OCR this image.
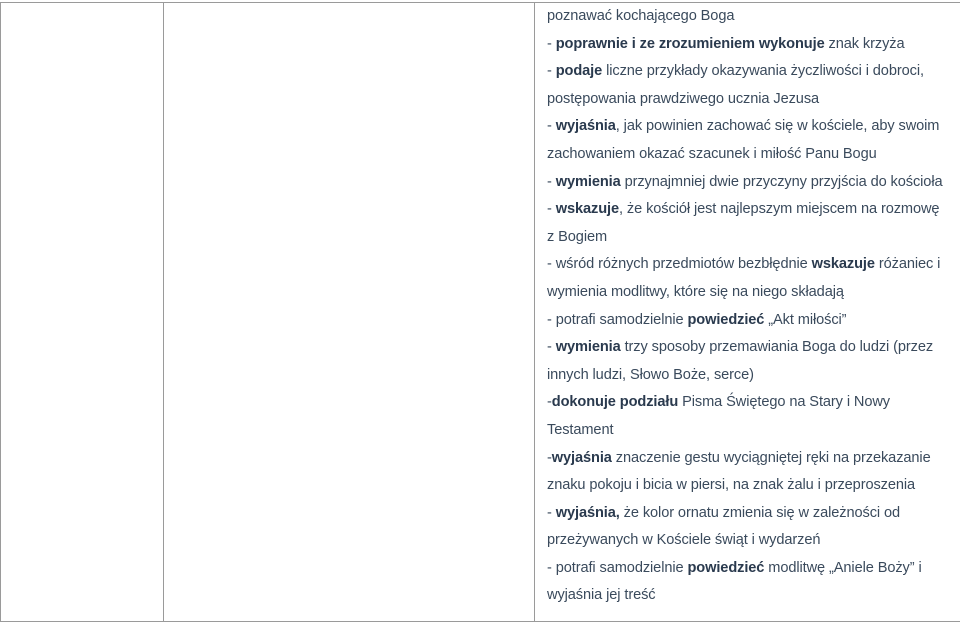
poznawać kochającego Boga
- poprawnie i ze zrozumieniem wykonuje znak krzyża
- podaje liczne przykłady okazywania życzliwości i dobroci,
postępowania prawdziwego ucznia Jezusa
- wyjaśnia, jak powinien zachować się w kościele, aby swoim
zachowaniem okazać szacunek i miłość Panu Bogu
- wymienia przynajmniej dwie przyczyny przyjścia do kościoła
- wskazuje, że kościół jest najlepszym miejscem na rozmowę
z Bogiem
- wśród różnych przedmiotów bezbłędnie wskazuje różaniec i
wymienia modlitwy, które się na niego składają
- potrafi samodzielnie powiedzieć „Akt miłości”
- wymienia trzy sposoby przemawiania Boga do ludzi (przez
innych ludzi, Słowo Boże, serce)
-dokonuje podziału Pisma Świętego na Stary i Nowy
Testament
-wyjaśnia znaczenie gestu wyciągniętej ręki na przekazanie
znaku pokoju i bicia w piersi, na znak żalu i przeproszenia
- wyjaśnia, że kolor ornatu zmienia się w zależności od
przeżywanych w Kościele świąt i wydarzeń
- potrafi samodzielnie powiedzieć modlitwę „Aniele Boży” i
wyjaśnia jej treść
